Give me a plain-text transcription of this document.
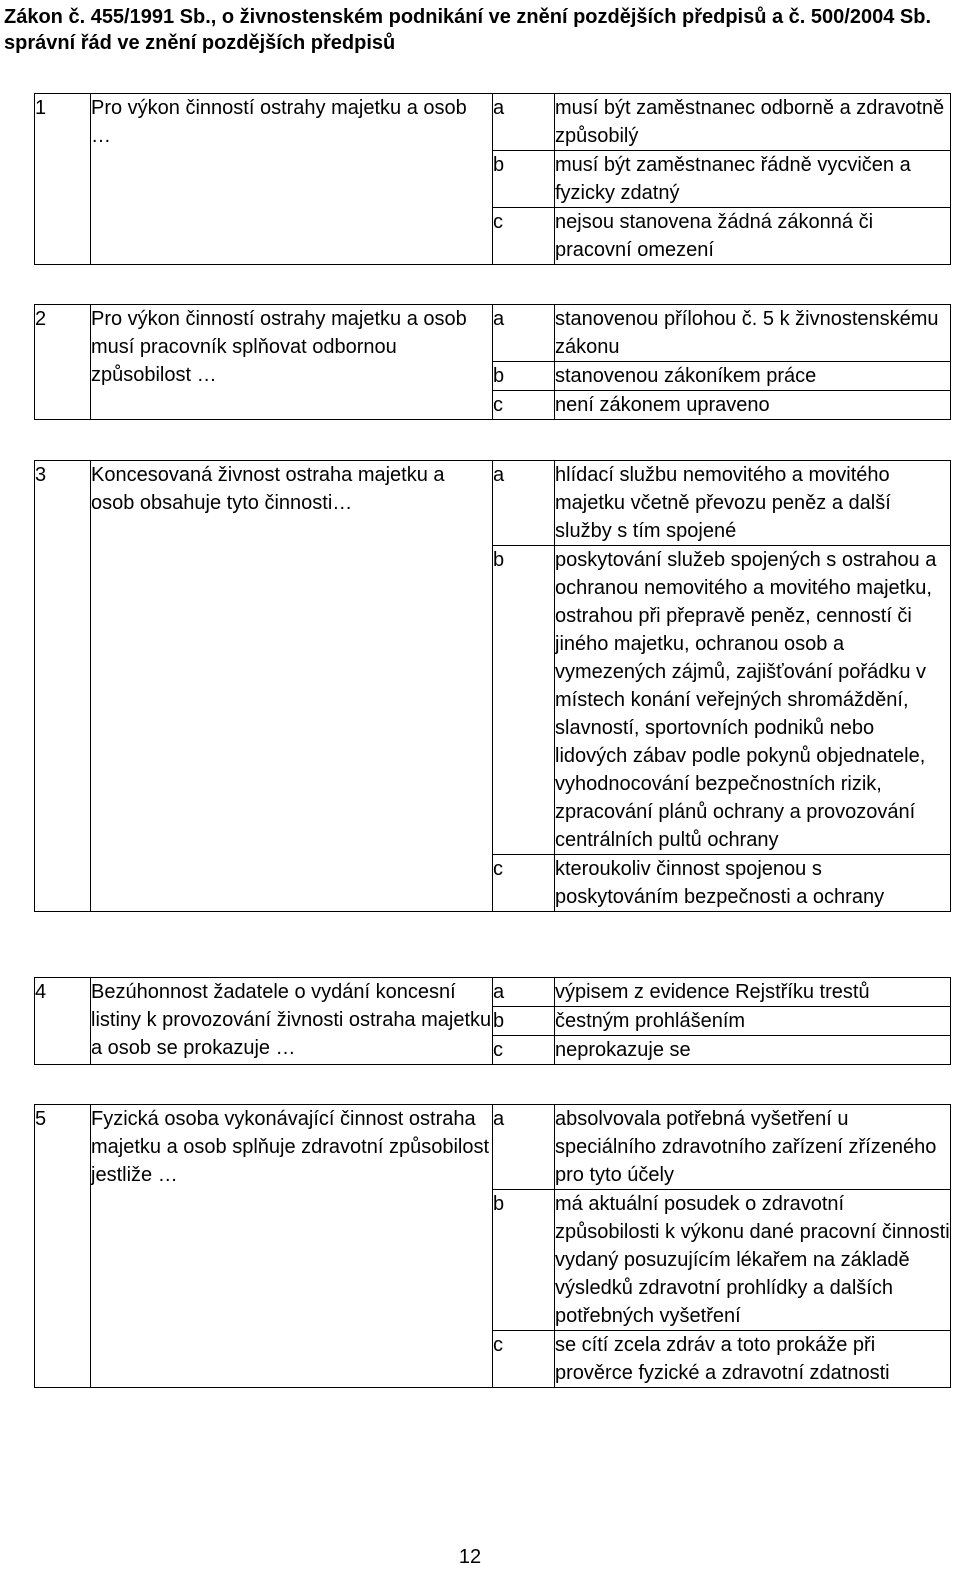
Zákon č. 455/1991 Sb., o živnostenském podnikání ve znění pozdějších předpisů a č. 500/2004 Sb.
správní řád ve znění pozdějších předpisů
1	Pro výkon činností ostrahy majetku a osob …	a	musí být zaměstnanec odborně a zdravotně způsobilý
		b	musí být zaměstnanec řádně vycvičen a fyzicky zdatný
		c	nejsou stanovena žádná zákonná či pracovní omezení
2	Pro výkon činností ostrahy majetku a osob musí pracovník splňovat odbornou způsobilost …	a	stanovenou přílohou č. 5 k živnostenskému zákonu
		b	stanovenou zákoníkem práce
		c	není zákonem upraveno
3	Koncesovaná živnost ostraha majetku a osob obsahuje tyto činnosti…	a	hlídací službu nemovitého a movitého majetku včetně převozu peněz a další služby s tím spojené
		b	poskytování služeb spojených s ostrahou a ochranou nemovitého a movitého majetku, ostrahou při přepravě peněz, cenností či jiného majetku, ochranou osob a vymezených zájmů, zajišťování pořádku v místech konání veřejných shromáždění, slavností, sportovních podniků nebo lidových zábav podle pokynů objednatele, vyhodnocování bezpečnostních rizik, zpracování plánů ochrany a provozování centrálních pultů ochrany
		c	kteroukoliv činnost spojenou s poskytováním bezpečnosti a ochrany
4	Bezúhonnost žadatele o vydání koncesní listiny k provozování živnosti ostraha majetku a osob se prokazuje …	a	výpisem z evidence Rejstříku trestů
		b	čestným prohlášením
		c	neprokazuje se
5	Fyzická osoba vykonávající činnost ostraha majetku a osob splňuje zdravotní způsobilost jestliže …	a	absolvovala potřebná vyšetření u speciálního zdravotního zařízení zřízeného pro tyto účely
		b	má aktuální posudek o zdravotní způsobilosti k výkonu dané pracovní činnosti vydaný posuzujícím lékařem na základě výsledků zdravotní prohlídky a dalších potřebných vyšetření
		c	se cítí zcela zdráv a toto prokáže při prověrce fyzické a zdravotní zdatnosti
12
